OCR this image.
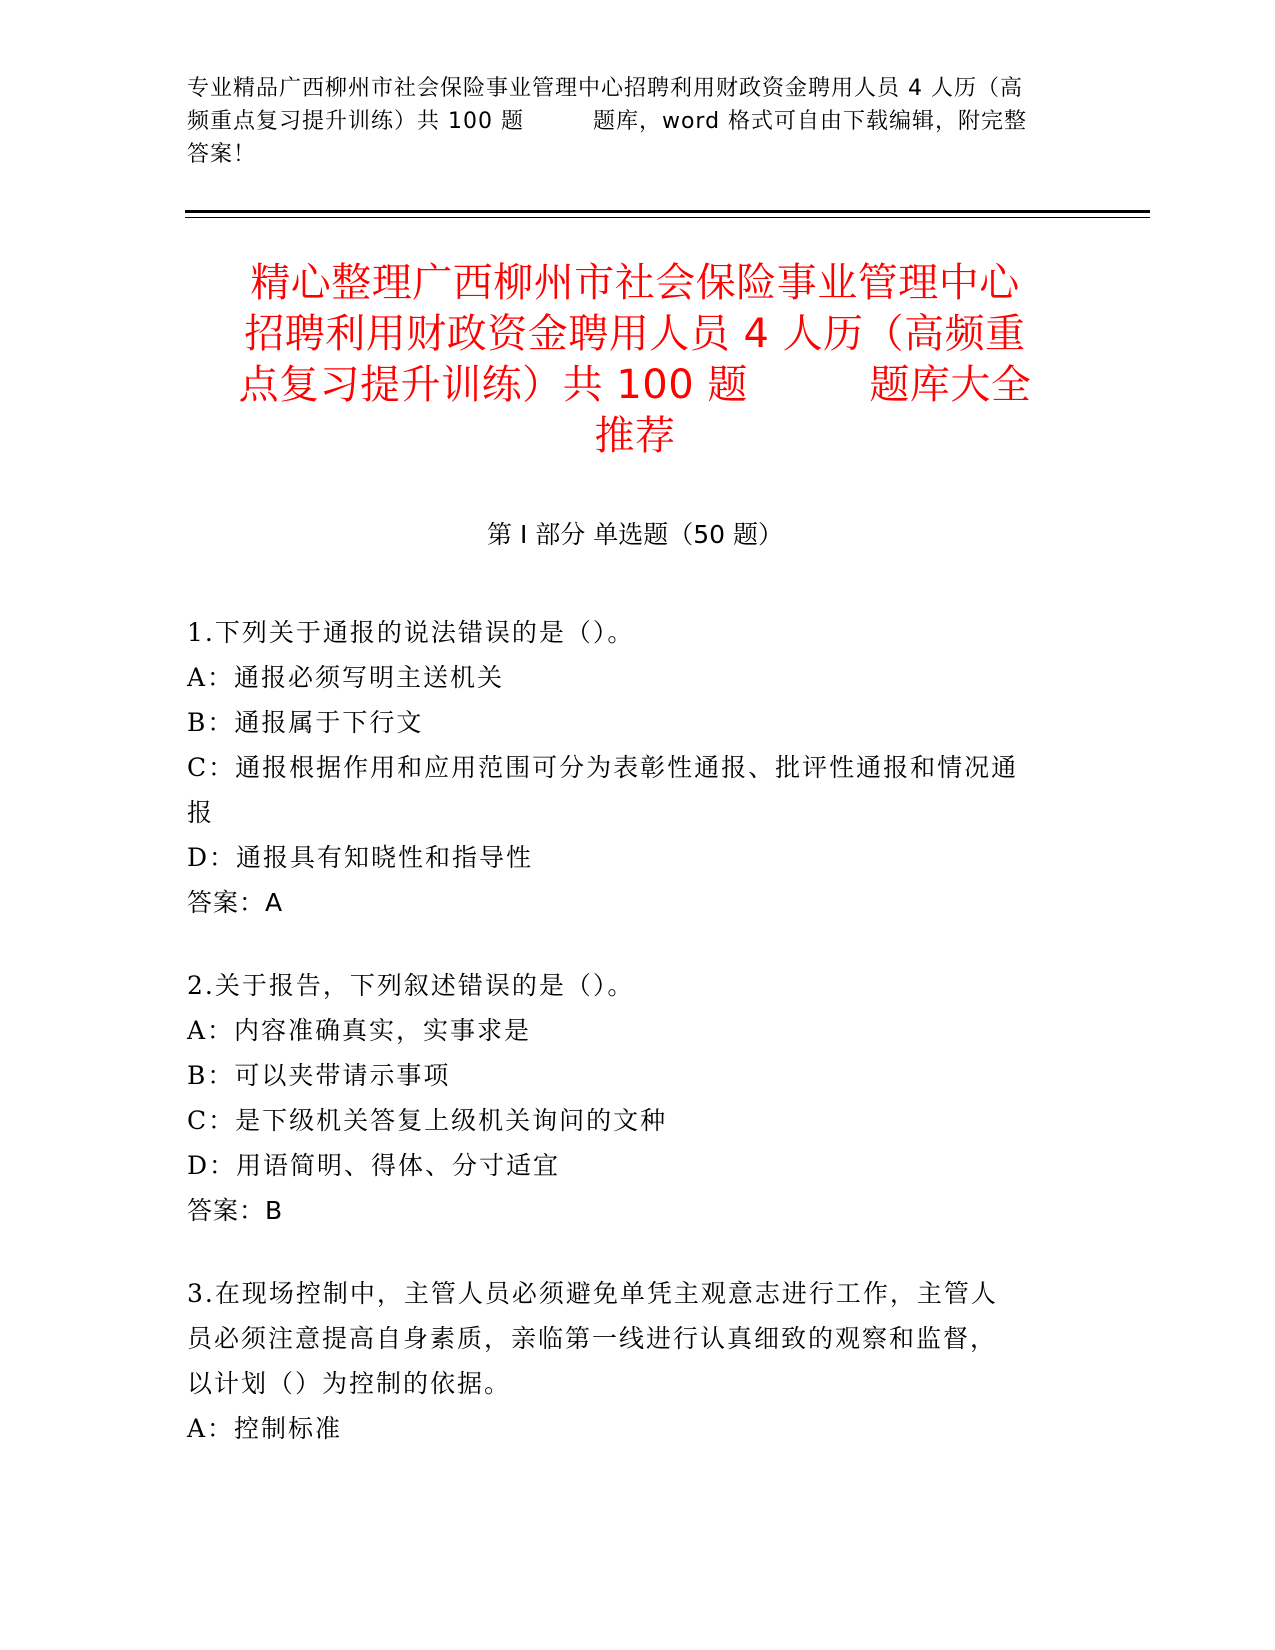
专业精品广西柳州市社会保险事业管理中心招聘利用财政资金聘用人员 4 人历（高

频重点复习提升训练）共 100 题　　　题库，word 格式可自由下载编辑，附完整

答案！

精心整理广西柳州市社会保险事业管理中心

招聘利用财政资金聘用人员 4 人历（高频重

点复习提升训练）共 100 题　　　题库大全

推荐

第 I 部分 单选题（50 题）

1.下列关于通报的说法错误的是（）。

A：通报必须写明主送机关

B：通报属于下行文

C：通报根据作用和应用范围可分为表彰性通报、批评性通报和情况通

报

D：通报具有知晓性和指导性

答案：A

2.关于报告，下列叙述错误的是（）。

A：内容准确真实，实事求是

B：可以夹带请示事项

C：是下级机关答复上级机关询问的文种

D：用语简明、得体、分寸适宜

答案：B

3.在现场控制中，主管人员必须避免单凭主观意志进行工作，主管人

员必须注意提高自身素质，亲临第一线进行认真细致的观察和监督，

以计划（）为控制的依据。

A：控制标准
